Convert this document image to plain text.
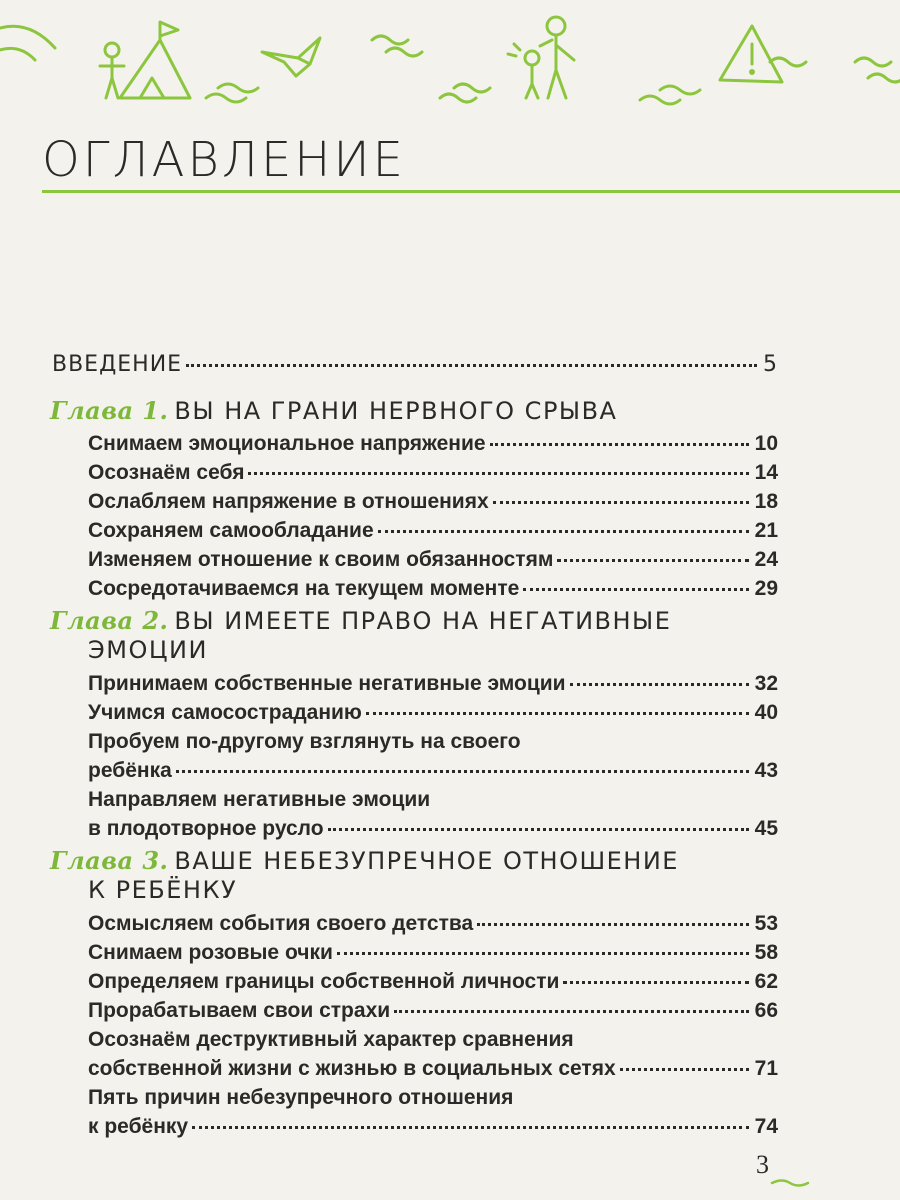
ОГЛАВЛЕНИЕ
ВВЕДЕНИЕ	5
Глава 1. ВЫ НА ГРАНИ НЕРВНОГО СРЫВА
Снимаем эмоциональное напряжение	10
Осознаём себя	14
Ослабляем напряжение в отношениях	18
Сохраняем самообладание	21
Изменяем отношение к своим обязанностям	24
Сосредотачиваемся на текущем моменте	29
Глава 2. ВЫ ИМЕЕТЕ ПРАВО НА НЕГАТИВНЫЕ
ЭМОЦИИ
Принимаем собственные негативные эмоции	32
Учимся самосостраданию	40
Пробуем по-другому взглянуть на своего
ребёнка	43
Направляем негативные эмоции
в плодотворное русло	45
Глава 3. ВАШЕ НЕБЕЗУПРЕЧНОЕ ОТНОШЕНИЕ
К РЕБЁНКУ
Осмысляем события своего детства	53
Снимаем розовые очки	58
Определяем границы собственной личности	62
Прорабатываем свои страхи	66
Осознаём деструктивный характер сравнения
собственной жизни с жизнью в социальных сетях	71
Пять причин небезупречного отношения
к ребёнку	74
3
